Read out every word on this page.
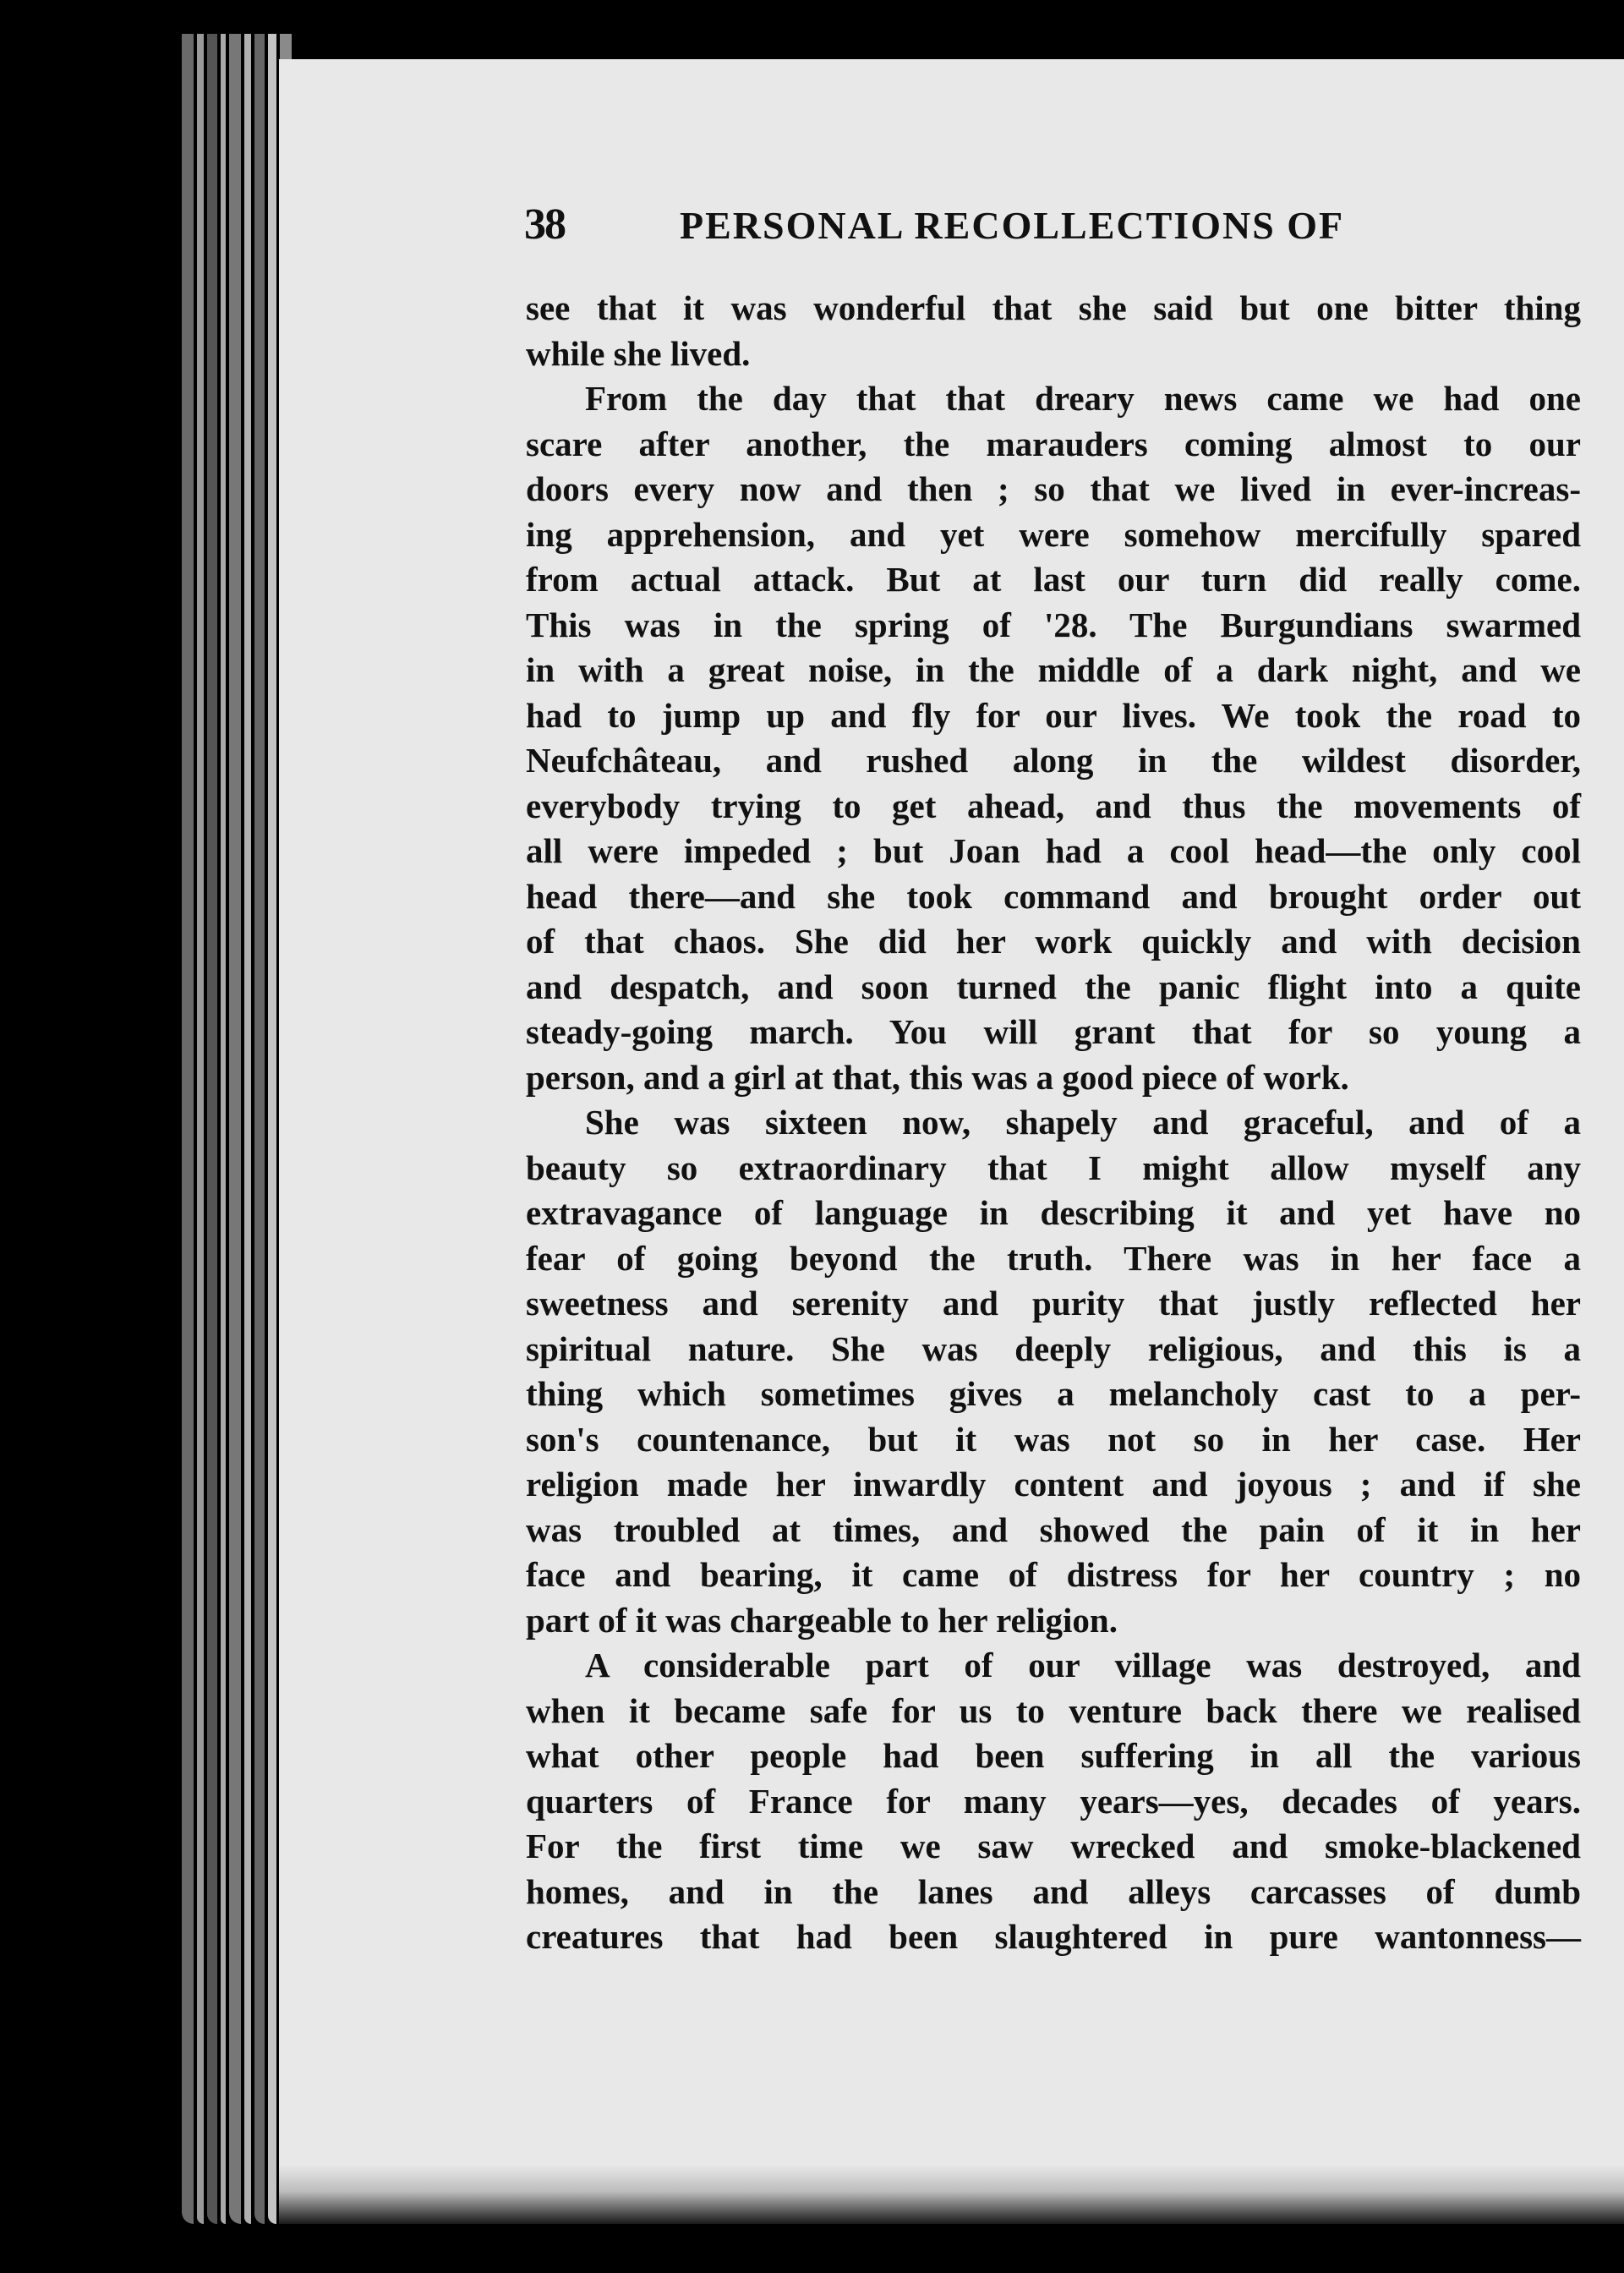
38	PERSONAL RECOLLECTIONS OF
see that it was wonderful that she said but one bitter thing
while she lived.
From the day that that dreary news came we had one
scare after another, the marauders coming almost to our
doors every now and then ; so that we lived in ever-increas-
ing apprehension, and yet were somehow mercifully spared
from actual attack. But at last our turn did really come.
This was in the spring of '28. The Burgundians swarmed
in with a great noise, in the middle of a dark night, and we
had to jump up and fly for our lives. We took the road to
Neufchâteau, and rushed along in the wildest disorder,
everybody trying to get ahead, and thus the movements of
all were impeded ; but Joan had a cool head—the only cool
head there—and she took command and brought order out
of that chaos. She did her work quickly and with decision
and despatch, and soon turned the panic flight into a quite
steady-going march. You will grant that for so young a
person, and a girl at that, this was a good piece of work.
She was sixteen now, shapely and graceful, and of a
beauty so extraordinary that I might allow myself any
extravagance of language in describing it and yet have no
fear of going beyond the truth. There was in her face a
sweetness and serenity and purity that justly reflected her
spiritual nature. She was deeply religious, and this is a
thing which sometimes gives a melancholy cast to a per-
son's countenance, but it was not so in her case. Her
religion made her inwardly content and joyous ; and if she
was troubled at times, and showed the pain of it in her
face and bearing, it came of distress for her country ; no
part of it was chargeable to her religion.
A considerable part of our village was destroyed, and
when it became safe for us to venture back there we realised
what other people had been suffering in all the various
quarters of France for many years—yes, decades of years.
For the first time we saw wrecked and smoke-blackened
homes, and in the lanes and alleys carcasses of dumb
creatures that had been slaughtered in pure wantonness—
